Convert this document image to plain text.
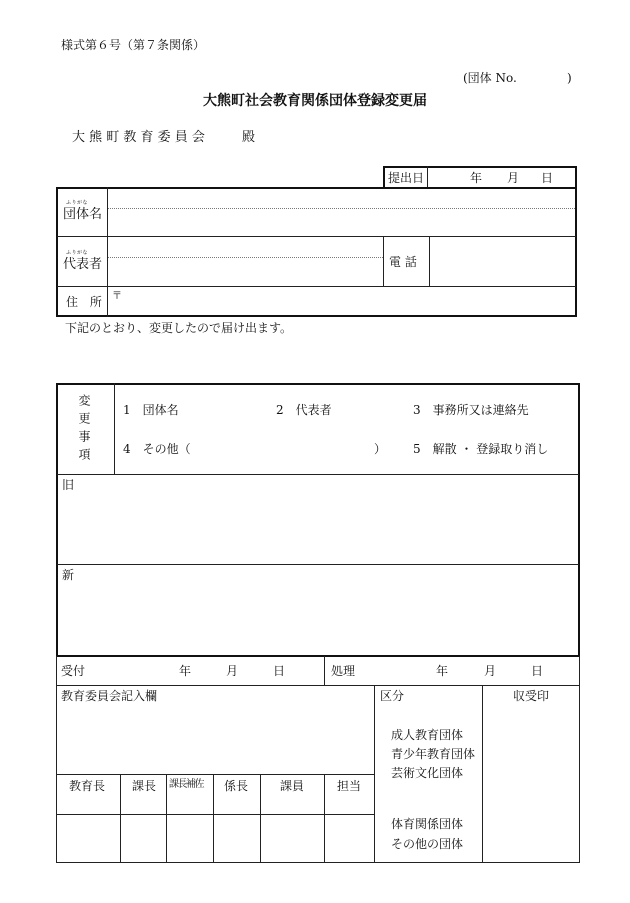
様式第６号（第７条関係）
(団体 No.	)
大熊町社会教育関係団体登録変更届
大 熊 町 教 育 委 員 会	殿
提出日	年 月 日
ふりがな
団体名
ふりがな
代表者	電 話
住 所 〒
下記のとおり、変更したので届け出ます。
変更事項	1　団体名	2　代表者	3　事務所又は連絡先
4　その他（	） 5　解散 ・ 登録取り消し
旧
新
受付	年	月	日	処理	年	月	日
教育委員会記入欄	区分	収受印
成人教育団体
青少年教育団体
芸術文化団体
体育関係団体
その他の団体
教育長 課長 課長補佐 係長	課員	担当
